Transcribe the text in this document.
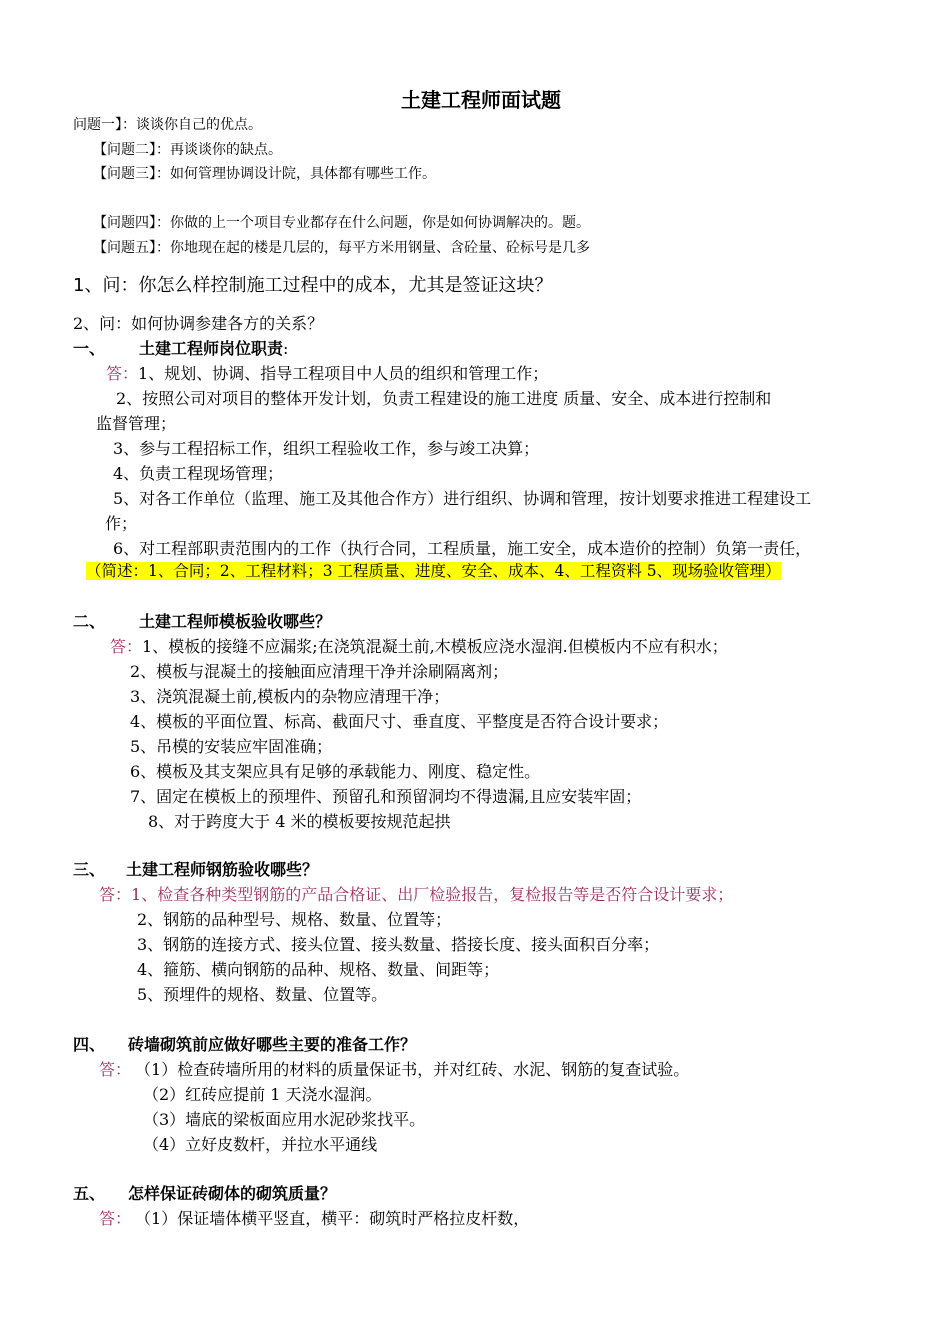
土建工程师面试题
问题一】：谈谈你自己的优点。
【问题二】：再谈谈你的缺点。
【问题三】：如何管理协调设计院，具体都有哪些工作。
【问题四】：你做的上一个项目专业都存在什么问题，你是如何协调解决的。题。
【问题五】：你地现在起的楼是几层的，每平方米用钢量、含砼量、砼标号是几多
1、问：你怎么样控制施工过程中的成本，尤其是签证这块？
2、问：如何协调参建各方的关系？
一、 土建工程师岗位职责:
答：1、规划、协调、指导工程项目中人员的组织和管理工作；
2、按照公司对项目的整体开发计划，负责工程建设的施工进度 质量、安全、成本进行控制和
监督管理；
3、参与工程招标工作，组织工程验收工作，参与竣工决算；
4、负责工程现场管理；
5、对各工作单位（监理、施工及其他合作方）进行组织、协调和管理，按计划要求推进工程建设工
作；
6、对工程部职责范围内的工作（执行合同，工程质量，施工安全，成本造价的控制）负第一责任，
（简述：1、合同；2、工程材料；3 工程质量、进度、安全、成本、4、工程资料 5、现场验收管理）
二、 土建工程师模板验收哪些？
答：1、模板的接缝不应漏浆;在浇筑混凝土前,木模板应浇水湿润.但模板内不应有积水；
2、模板与混凝土的接触面应清理干净并涂刷隔离剂；
3、浇筑混凝土前,模板内的杂物应清理干净；
4、模板的平面位置、标高、截面尺寸、垂直度、平整度是否符合设计要求；
5、吊模的安装应牢固准确；
6、模板及其支架应具有足够的承载能力、刚度、稳定性。
7、固定在模板上的预埋件、预留孔和预留洞均不得遗漏,且应安装牢固；
8、对于跨度大于 4 米的模板要按规范起拱
三、 土建工程师钢筋验收哪些？
答：1、检查各种类型钢筋的产品合格证、出厂检验报告，复检报告等是否符合设计要求；
2、钢筋的品种型号、规格、数量、位置等；
3、钢筋的连接方式、接头位置、接头数量、搭接长度、接头面积百分率；
4、箍筋、横向钢筋的品种、规格、数量、间距等；
5、预埋件的规格、数量、位置等。
四、 砖墙砌筑前应做好哪些主要的准备工作？
答： （1）检查砖墙所用的材料的质量保证书，并对红砖、水泥、钢筋的复查试验。
（2）红砖应提前 1 天浇水湿润。
（3）墙底的梁板面应用水泥砂浆找平。
（4）立好皮数杆，并拉水平通线
五、 怎样保证砖砌体的砌筑质量？
答： （1）保证墙体横平竖直，横平：砌筑时严格拉皮杆数，
